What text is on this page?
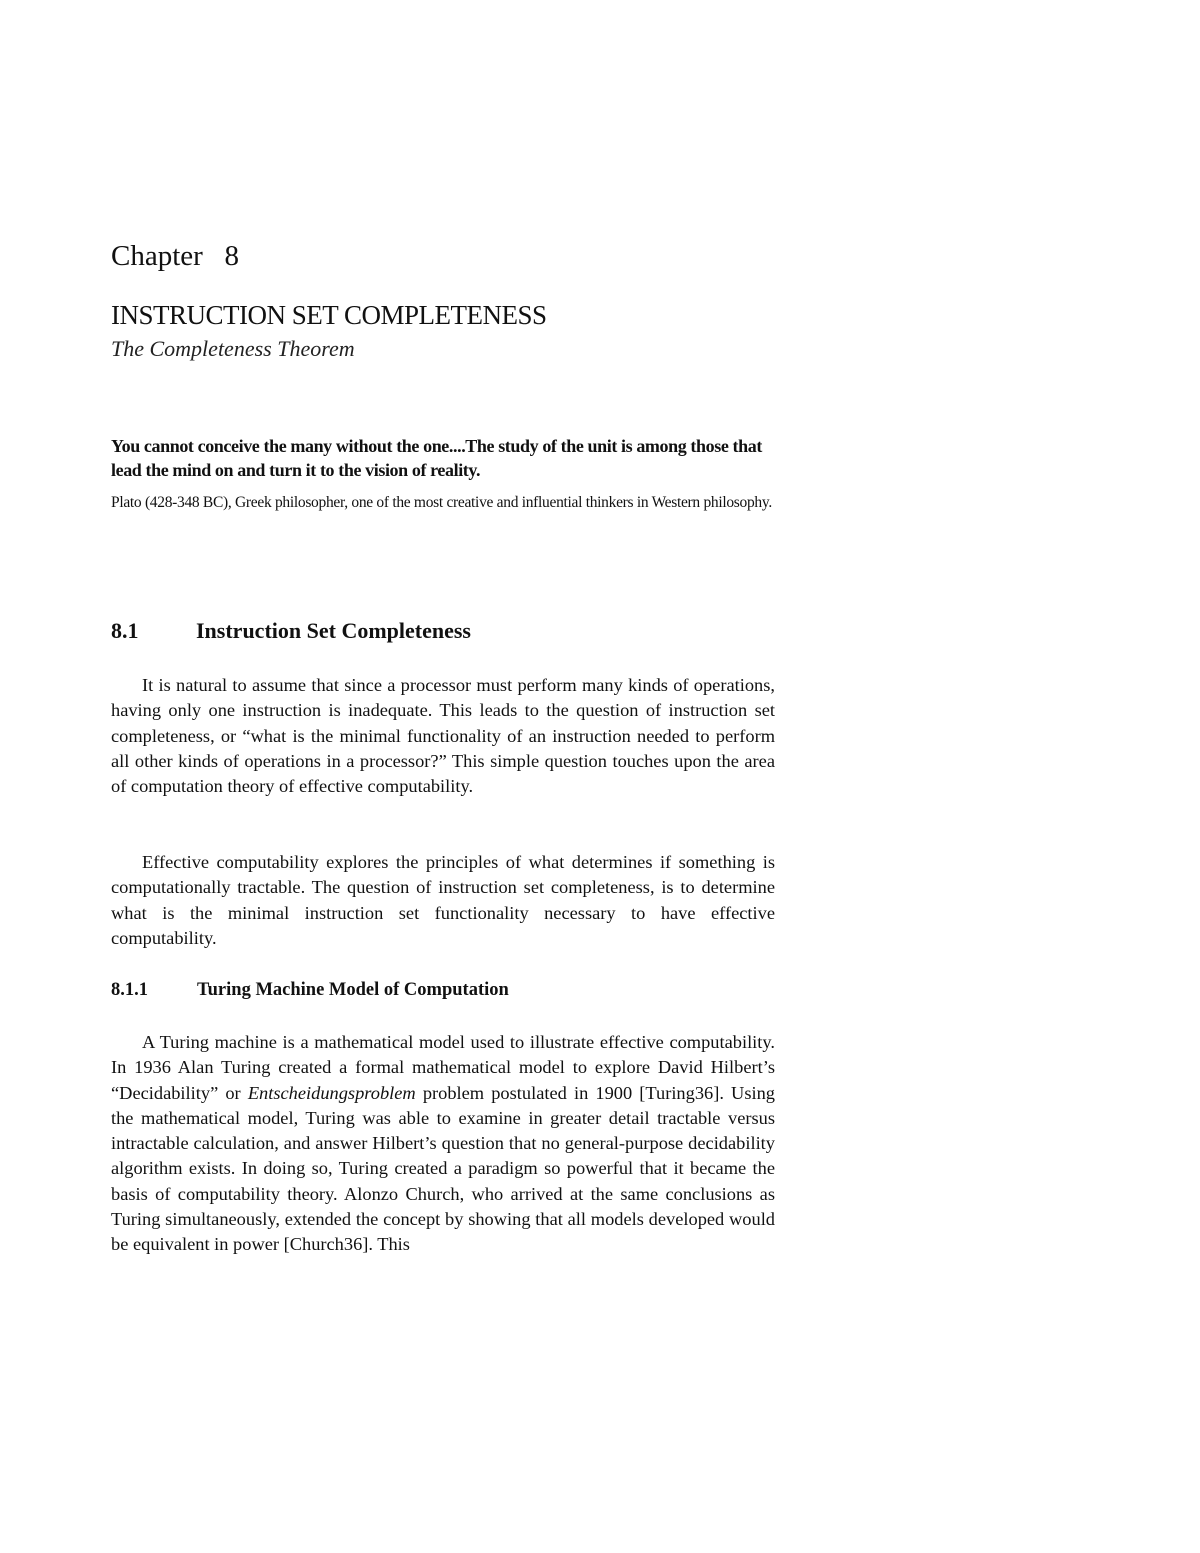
Chapter   8
INSTRUCTION SET COMPLETENESS
The Completeness Theorem
You cannot conceive the many without the one....The study of the unit is among those that lead the mind on and turn it to the vision of reality.
Plato (428-348 BC), Greek philosopher, one of the most creative and influential thinkers in Western philosophy.
8.1	Instruction Set Completeness

It is natural to assume that since a processor must perform many kinds of operations, having only one instruction is inadequate. This leads to the question of instruction set completeness, or “what is the minimal functionality of an instruction needed to perform all other kinds of operations in a processor?” This simple question touches upon the area of computation theory of effective computability.

Effective computability explores the principles of what determines if something is computationally tractable. The question of instruction set completeness, is to determine what is the minimal instruction set functionality necessary to have effective computability.

8.1.1	Turing Machine Model of Computation

A Turing machine is a mathematical model used to illustrate effective computability. In 1936 Alan Turing created a formal mathematical model to explore David Hilbert’s “Decidability” or Entscheidungsproblem problem postulated in 1900 [Turing36]. Using the mathematical model, Turing was able to examine in greater detail tractable versus intractable calculation, and answer Hilbert’s question that no general-purpose decidability algorithm exists. In doing so, Turing created a paradigm so powerful that it became the basis of computability theory. Alonzo Church, who arrived at the same conclusions as Turing simultaneously, extended the concept by showing that all models developed would be equivalent in power [Church36]. This
